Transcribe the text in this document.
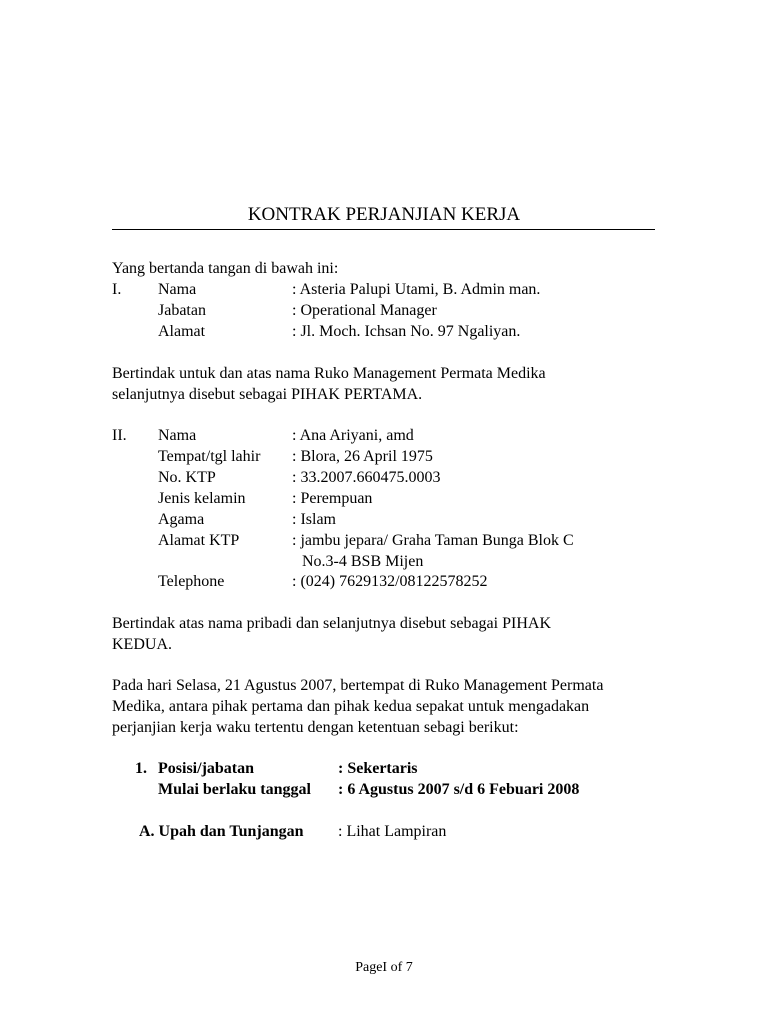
KONTRAK PERJANJIAN KERJA
Yang bertanda tangan di bawah ini:
I. Nama	: Asteria Palupi Utami, B. Admin man.
Jabatan	: Operational Manager
Alamat	: Jl. Moch. Ichsan No. 97 Ngaliyan.
Bertindak untuk dan atas nama Ruko Management Permata Medika
selanjutnya disebut sebagai PIHAK PERTAMA.
II. Nama	: Ana Ariyani, amd
Tempat/tgl lahir : Blora, 26 April 1975
No. KTP	: 33.2007.660475.0003
Jenis kelamin	: Perempuan
Agama	: Islam
Alamat KTP	: jambu jepara/ Graha Taman Bunga Blok C
No.3-4 BSB Mijen
Telephone	: (024) 7629132/08122578252
Bertindak atas nama pribadi dan selanjutnya disebut sebagai PIHAK
KEDUA.
Pada hari Selasa, 21 Agustus 2007, bertempat di Ruko Management Permata
Medika, antara pihak pertama dan pihak kedua sepakat untuk mengadakan
perjanjian kerja waku tertentu dengan ketentuan sebagi berikut:
1. Posisi/jabatan	: Sekertaris
Mulai berlaku tanggal : 6 Agustus 2007 s/d 6 Febuari 2008
A. Upah dan Tunjangan : Lihat Lampiran
PageI of 7
